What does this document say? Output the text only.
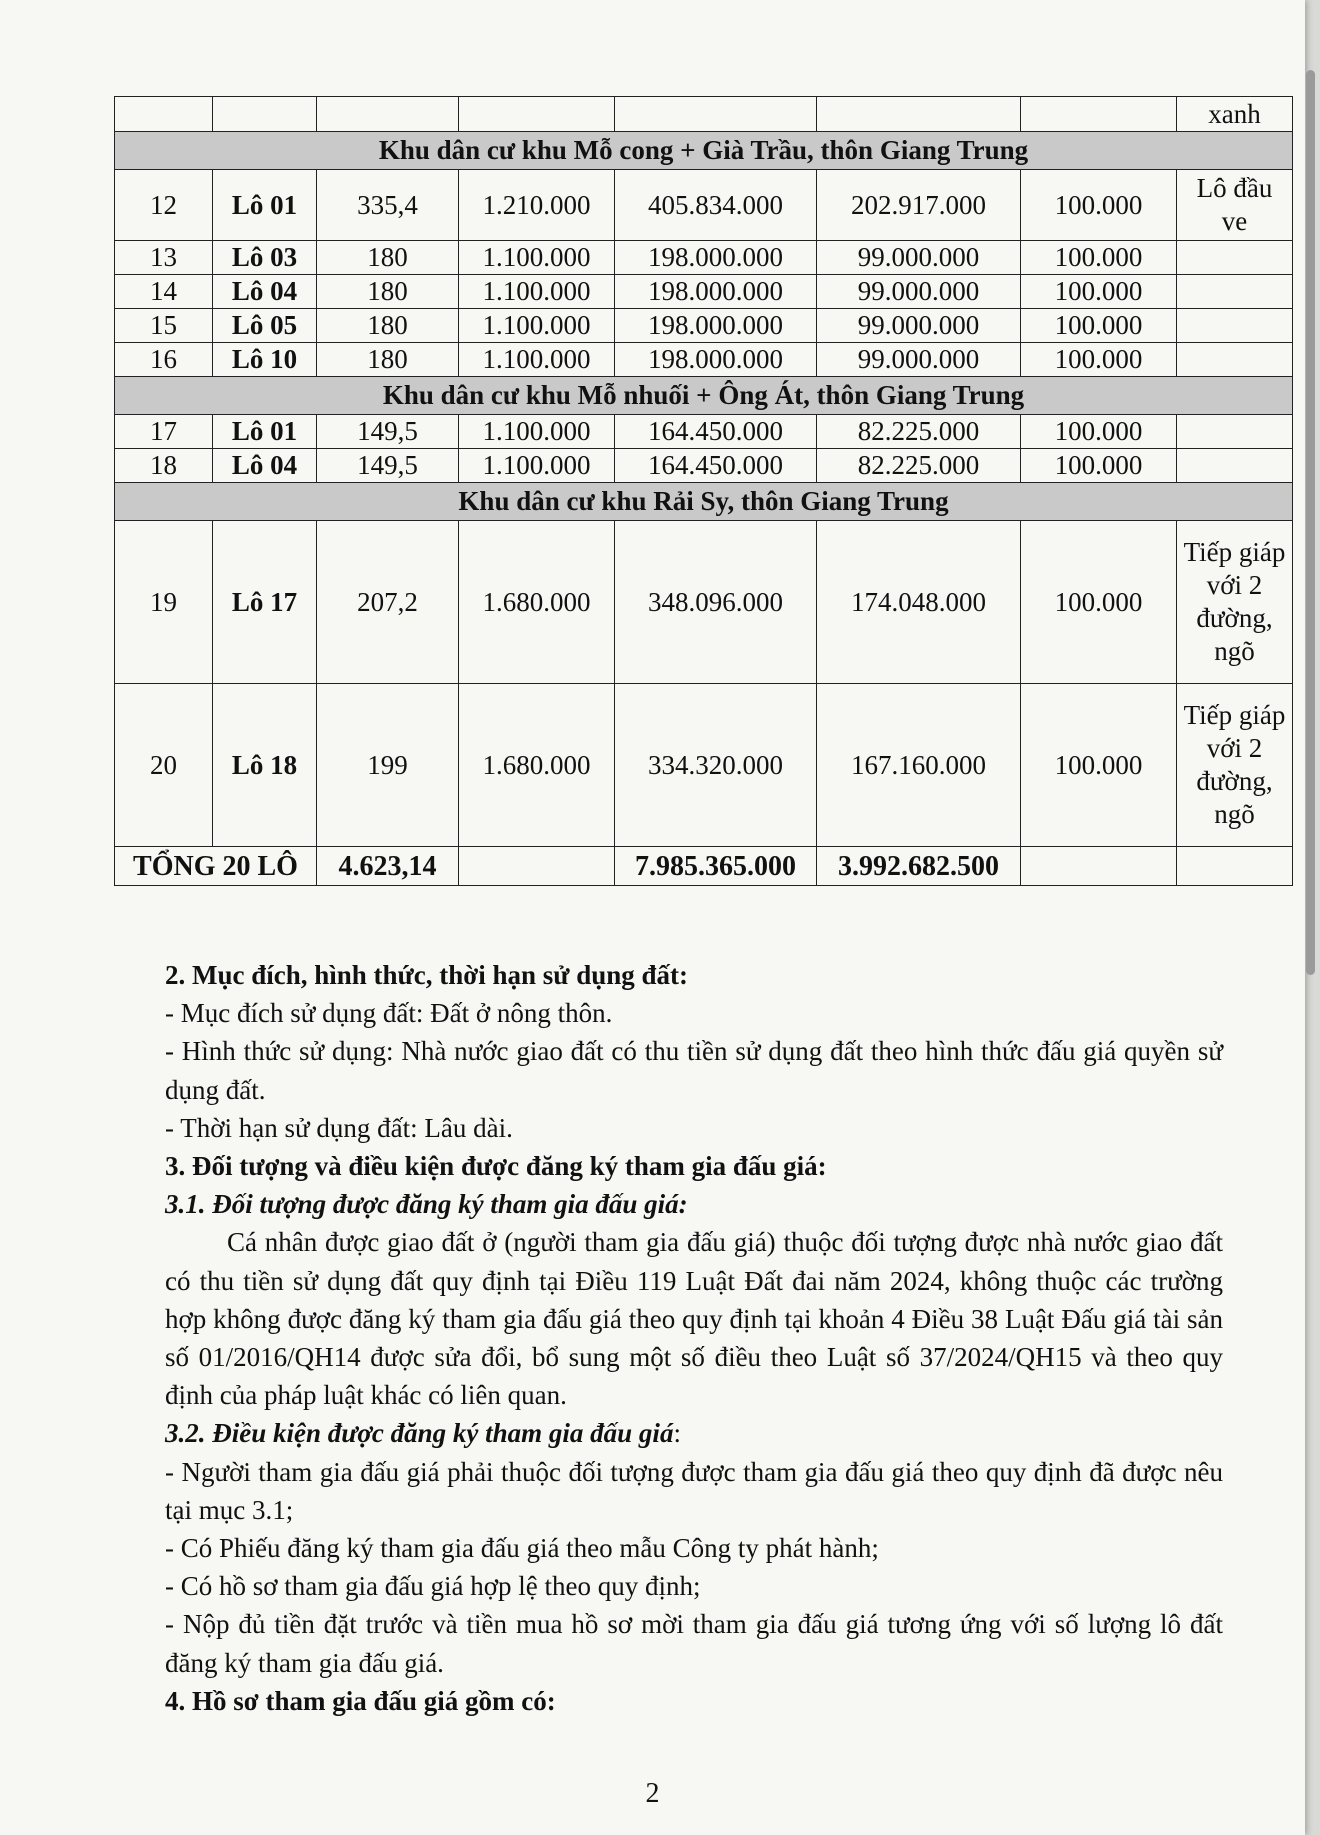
							xanh
Khu dân cư khu Mỗ cong + Già Trầu, thôn Giang Trung							
12	Lô 01	335,4	1.210.000	405.834.000	202.917.000	100.000	Lô đầu ve
13	Lô 03	180	1.100.000	198.000.000	99.000.000	100.000	
14	Lô 04	180	1.100.000	198.000.000	99.000.000	100.000	
15	Lô 05	180	1.100.000	198.000.000	99.000.000	100.000	
16	Lô 10	180	1.100.000	198.000.000	99.000.000	100.000	
Khu dân cư khu Mỗ nhuối + Ông Át, thôn Giang Trung							
17	Lô 01	149,5	1.100.000	164.450.000	82.225.000	100.000	
18	Lô 04	149,5	1.100.000	164.450.000	82.225.000	100.000	
Khu dân cư khu Rải Sy, thôn Giang Trung							
19	Lô 17	207,2	1.680.000	348.096.000	174.048.000	100.000	Tiếp giáp với 2 đường, ngõ
20	Lô 18	199	1.680.000	334.320.000	167.160.000	100.000	Tiếp giáp với 2 đường, ngõ
TỔNG 20 LÔ		4.623,14		7.985.365.000	3.992.682.500		

2. Mục đích, hình thức, thời hạn sử dụng đất:

- Mục đích sử dụng đất: Đất ở nông thôn.

- Hình thức sử dụng: Nhà nước giao đất có thu tiền sử dụng đất theo hình thức đấu giá quyền sử dụng đất.

- Thời hạn sử dụng đất: Lâu dài.

3. Đối tượng và điều kiện được đăng ký tham gia đấu giá:

3.1. Đối tượng được đăng ký tham gia đấu giá:

Cá nhân được giao đất ở (người tham gia đấu giá) thuộc đối tượng được nhà nước giao đất có thu tiền sử dụng đất quy định tại Điều 119 Luật Đất đai năm 2024, không thuộc các trường hợp không được đăng ký tham gia đấu giá theo quy định tại khoản 4 Điều 38 Luật Đấu giá tài sản số 01/2016/QH14 được sửa đổi, bổ sung một số điều theo Luật số 37/2024/QH15 và theo quy định của pháp luật khác có liên quan.

3.2. Điều kiện được đăng ký tham gia đấu giá:

- Người tham gia đấu giá phải thuộc đối tượng được tham gia đấu giá theo quy định đã được nêu tại mục 3.1;

- Có Phiếu đăng ký tham gia đấu giá theo mẫu Công ty phát hành;

- Có hồ sơ tham gia đấu giá hợp lệ theo quy định;

- Nộp đủ tiền đặt trước và tiền mua hồ sơ mời tham gia đấu giá tương ứng với số lượng lô đất đăng ký tham gia đấu giá.

4. Hồ sơ tham gia đấu giá gồm có:

2
